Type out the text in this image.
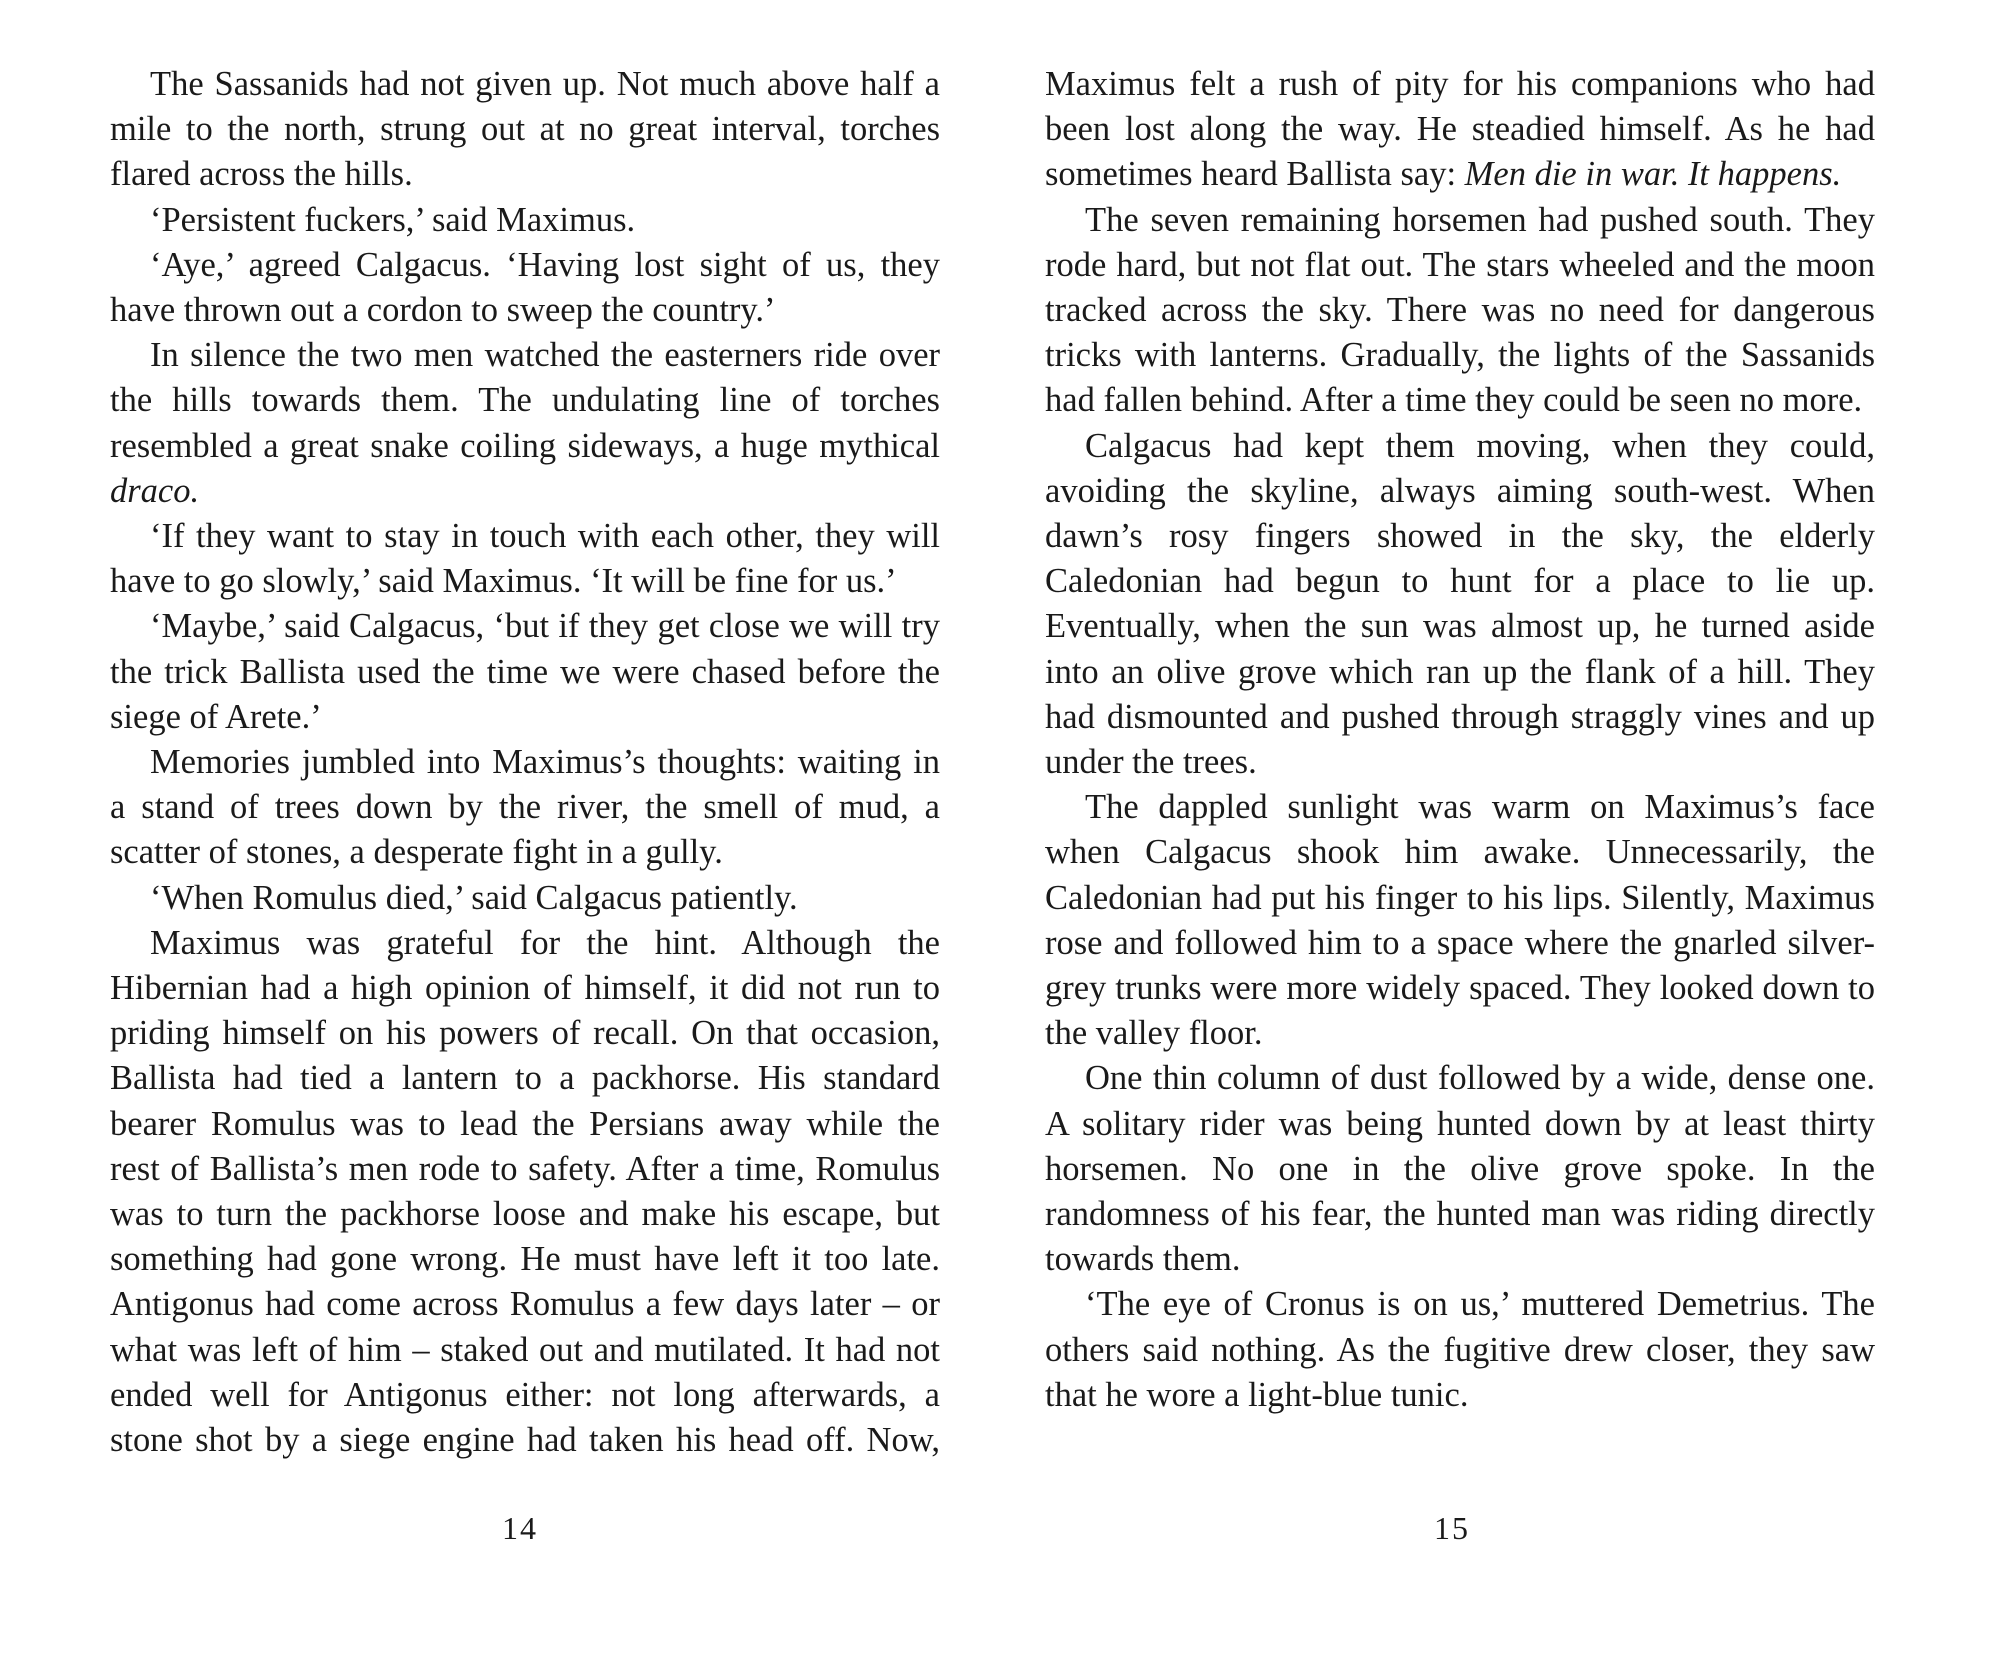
The Sassanids had not given up. Not much above half a mile to the north, strung out at no great interval, torches flared across the hills.

‘Persistent fuckers,’ said Maximus.

‘Aye,’ agreed Calgacus. ‘Having lost sight of us, they have thrown out a cordon to sweep the country.’

In silence the two men watched the easterners ride over the hills towards them. The undulating line of torches resembled a great snake coiling sideways, a huge mythical

draco.

‘If they want to stay in touch with each other, they will have to go slowly,’ said Maximus. ‘It will be fine for us.’

‘Maybe,’ said Calgacus, ‘but if they get close we will try the trick Ballista used the time we were chased before the siege of Arete.’

Memories jumbled into Maximus’s thoughts: waiting in a stand of trees down by the river, the smell of mud, a scatter of stones, a desperate fight in a gully.

‘When Romulus died,’ said Calgacus patiently.

Maximus was grateful for the hint. Although the Hibernian had a high opinion of himself, it did not run to priding himself on his powers of recall. On that occasion, Ballista had tied a lantern to a packhorse. His standard bearer Romulus was to lead the Persians away while the rest of Ballista’s men rode to safety. After a time, Romulus was to turn the packhorse loose and make his escape, but something had gone wrong. He must have left it too late. Antigonus had come across Romulus a few days later – or what was left of him – staked out and mutilated. It had not ended well for Antigonus either: not long afterwards, a stone shot by a siege engine had taken his head off. Now,

14

Maximus felt a rush of pity for his companions who had been lost along the way. He steadied himself. As he had sometimes heard Ballista say: Men die in war. It happens.

The seven remaining horsemen had pushed south. They rode hard, but not flat out. The stars wheeled and the moon tracked across the sky. There was no need for dangerous tricks with lanterns. Gradually, the lights of the Sassanids had fallen behind. After a time they could be seen no more.

Calgacus had kept them moving, when they could, avoiding the skyline, always aiming south-west. When dawn’s rosy fingers showed in the sky, the elderly Caledonian had begun to hunt for a place to lie up. Eventually, when the sun was almost up, he turned aside into an olive grove which ran up the flank of a hill. They had dismounted and pushed through straggly vines and up under the trees.

The dappled sunlight was warm on Maximus’s face when Calgacus shook him awake. Unnecessarily, the Caledonian had put his finger to his lips. Silently, Maximus rose and followed him to a space where the gnarled silver-grey trunks were more widely spaced. They looked down to the valley floor.

One thin column of dust followed by a wide, dense one. A solitary rider was being hunted down by at least thirty horsemen. No one in the olive grove spoke. In the randomness of his fear, the hunted man was riding directly towards them.

‘The eye of Cronus is on us,’ muttered Demetrius. The others said nothing. As the fugitive drew closer, they saw that he wore a light-blue tunic.

15
